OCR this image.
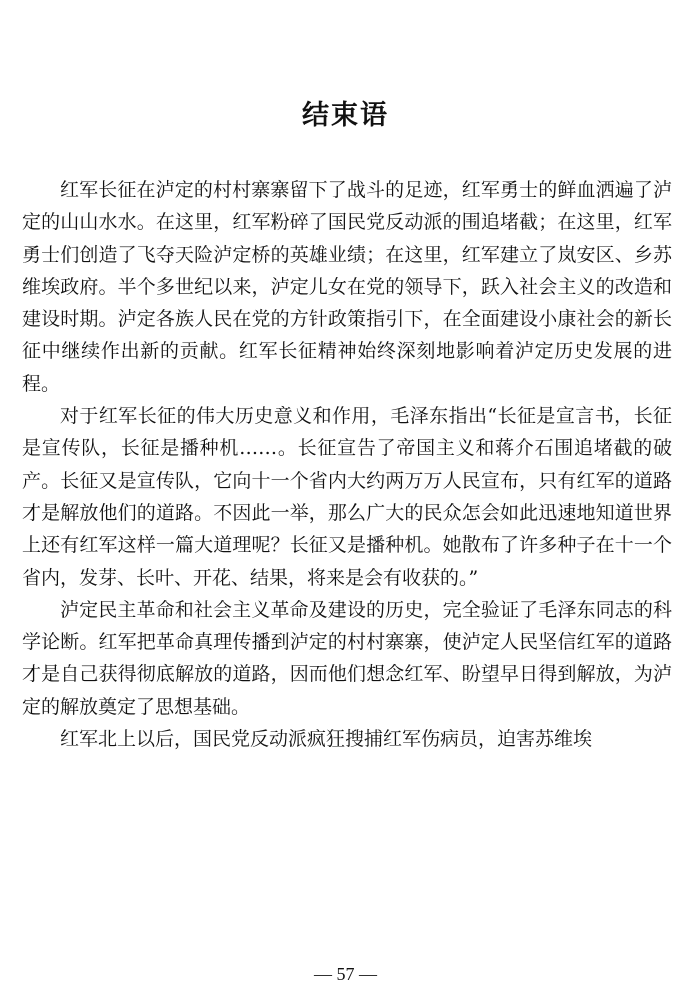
结束语

红军长征在泸定的村村寨寨留下了战斗的足迹，红军勇士的鲜血洒遍了泸定的山山水水。在这里，红军粉碎了国民党反动派的围追堵截；在这里，红军勇士们创造了飞夺天险泸定桥的英雄业绩；在这里，红军建立了岚安区、乡苏维埃政府。半个多世纪以来，泸定儿女在党的领导下，跃入社会主义的改造和建设时期。泸定各族人民在党的方针政策指引下，在全面建设小康社会的新长征中继续作出新的贡献。红军长征精神始终深刻地影响着泸定历史发展的进程。

对于红军长征的伟大历史意义和作用，毛泽东指出“长征是宣言书，长征是宣传队，长征是播种机……。长征宣告了帝国主义和蒋介石围追堵截的破产。长征又是宣传队，它向十一个省内大约两万万人民宣布，只有红军的道路才是解放他们的道路。不因此一举，那么广大的民众怎会如此迅速地知道世界上还有红军这样一篇大道理呢？长征又是播种机。她散布了许多种子在十一个省内，发芽、长叶、开花、结果，将来是会有收获的。”

泸定民主革命和社会主义革命及建设的历史，完全验证了毛泽东同志的科学论断。红军把革命真理传播到泸定的村村寨寨，使泸定人民坚信红军的道路才是自己获得彻底解放的道路，因而他们想念红军、盼望早日得到解放，为泸定的解放奠定了思想基础。

红军北上以后，国民党反动派疯狂搜捕红军伤病员，迫害苏维埃

— 57 —
